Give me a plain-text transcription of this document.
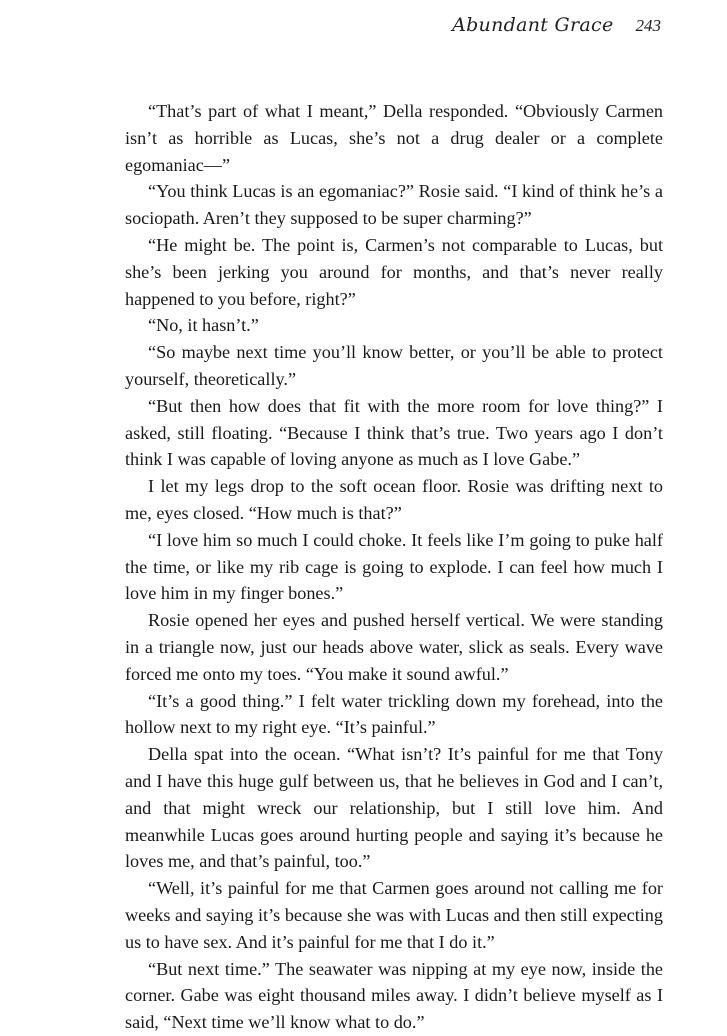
Abundant Grace 243

“That’s part of what I meant,” Della responded. “Obviously Carmen isn’t as horrible as Lucas, she’s not a drug dealer or a complete egomaniac—”

“You think Lucas is an egomaniac?” Rosie said. “I kind of think he’s a sociopath. Aren’t they supposed to be super charming?”

“He might be. The point is, Carmen’s not comparable to Lucas, but she’s been jerking you around for months, and that’s never really happened to you before, right?”

“No, it hasn’t.”

“So maybe next time you’ll know better, or you’ll be able to protect yourself, theoretically.”

“But then how does that fit with the more room for love thing?” I asked, still floating. “Because I think that’s true. Two years ago I don’t think I was capable of loving anyone as much as I love Gabe.”

I let my legs drop to the soft ocean floor. Rosie was drifting next to me, eyes closed. “How much is that?”

“I love him so much I could choke. It feels like I’m going to puke half the time, or like my rib cage is going to explode. I can feel how much I love him in my finger bones.”

Rosie opened her eyes and pushed herself vertical. We were standing in a triangle now, just our heads above water, slick as seals. Every wave forced me onto my toes. “You make it sound awful.”

“It’s a good thing.” I felt water trickling down my forehead, into the hollow next to my right eye. “It’s painful.”

Della spat into the ocean. “What isn’t? It’s painful for me that Tony and I have this huge gulf between us, that he believes in God and I can’t, and that might wreck our relationship, but I still love him. And meanwhile Lucas goes around hurting people and saying it’s because he loves me, and that’s painful, too.”

“Well, it’s painful for me that Carmen goes around not calling me for weeks and saying it’s because she was with Lucas and then still expecting us to have sex. And it’s painful for me that I do it.”

“But next time.” The seawater was nipping at my eye now, inside the corner. Gabe was eight thousand miles away. I didn’t believe myself as I said, “Next time we’ll know what to do.”
